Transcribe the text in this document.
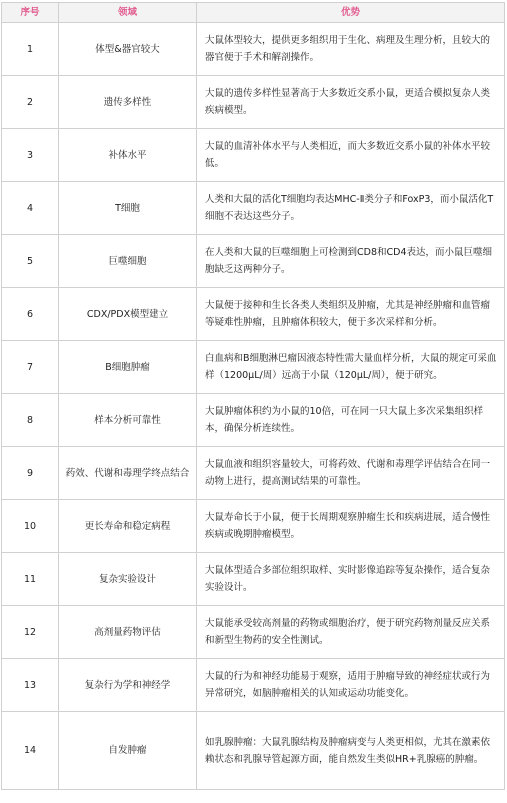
序号	领域	优势
1	体型&器官较大	大鼠体型较大，提供更多组织用于生化、病理及生理分析，且较大的器官便于手术和解剖操作。
2	遗传多样性	大鼠的遗传多样性显著高于大多数近交系小鼠，更适合模拟复杂人类疾病模型。
3	补体水平	大鼠的血清补体水平与人类相近，而大多数近交系小鼠的补体水平较低。
4	T细胞	人类和大鼠的活化T细胞均表达MHC-Ⅱ类分子和FoxP3，而小鼠活化T细胞不表达这些分子。
5	巨噬细胞	在人类和大鼠的巨噬细胞上可检测到CD8和CD4表达，而小鼠巨噬细胞缺乏这两种分子。
6	CDX/PDX模型建立	大鼠便于接种和生长各类人类组织及肿瘤，尤其是神经肿瘤和血管瘤等疑难性肿瘤，且肿瘤体积较大，便于多次采样和分析。
7	B细胞肿瘤	白血病和B细胞淋巴瘤因液态特性需大量血样分析，大鼠的规定可采血样（1200μL/周）远高于小鼠（120μL/周），便于研究。
8	样本分析可靠性	大鼠肿瘤体积约为小鼠的10倍，可在同一只大鼠上多次采集组织样本，确保分析连续性。
9	药效、代谢和毒理学终点结合	大鼠血液和组织容量较大，可将药效、代谢和毒理学评估结合在同一动物上进行，提高测试结果的可靠性。
10	更长寿命和稳定病程	大鼠寿命长于小鼠，便于长周期观察肿瘤生长和疾病进展，适合慢性疾病或晚期肿瘤模型。
11	复杂实验设计	大鼠体型适合多部位组织取样、实时影像追踪等复杂操作，适合复杂实验设计。
12	高剂量药物评估	大鼠能承受较高剂量的药物或细胞治疗，便于研究药物剂量反应关系和新型生物药的安全性测试。
13	复杂行为学和神经学	大鼠的行为和神经功能易于观察，适用于肿瘤导致的神经症状或行为异常研究，如脑肿瘤相关的认知或运动功能变化。
14	自发肿瘤	如乳腺肿瘤：大鼠乳腺结构及肿瘤病变与人类更相似，尤其在激素依赖状态和乳腺导管起源方面，能自然发生类似HR+乳腺癌的肿瘤。
